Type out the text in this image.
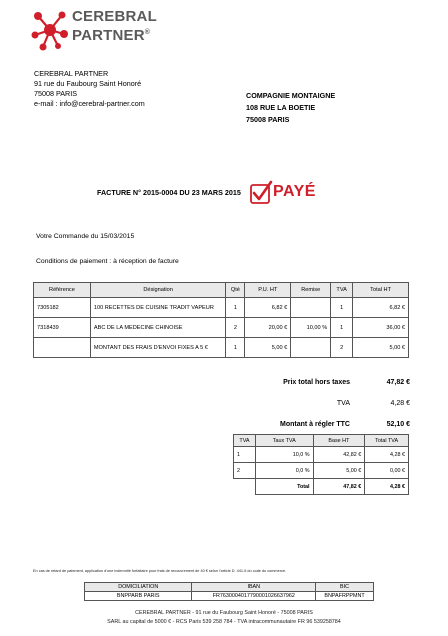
CEREBRAL
PARTNER®
CEREBRAL PARTNER
91 rue du Faubourg Saint Honoré
75008 PARIS
e-mail : info@cerebral-partner.com
COMPAGNIE MONTAIGNE
108 RUE LA BOETIE
75008 PARIS
FACTURE N° 2015-0004 DU 23 MARS 2015 PAYÉ
Votre Commande du 15/03/2015
Conditions de paiement : à réception de facture
Référence	Désignation	Qté	P.U. HT	Remise	TVA	Total HT
7305182	100 RECETTES DE CUISINE TRADIT VAPEUR	1	6,82 €		1	6,82 €
7318439	ABC DE LA MEDECINE CHINOISE	2	20,00 €	10,00 %	1	36,00 €
	MONTANT DES FRAIS D'ENVOI FIXES A 5 €	1	5,00 €		2	5,00 €
Prix total hors taxes	47,82 €
TVA	4,28 €
Montant à régler TTC	52,10 €
TVA	Taux TVA	Base HT	Total TVA
1	10,0 %	42,82 €	4,28 €
2	0,0 %	5,00 €	0,00 €
	Total	47,82 €	4,28 €
En cas de retard de paiement, application d'une indemnité forfaitaire pour frais de recouvrement de 40 € selon l'article D. 441-5 du code du commerce.
DOMICILIATION	IBAN	BIC
BNPPARB PARIS	FR7630004017790001026637962	BNPAFRPPMNT
CEREBRAL PARTNER - 91 rue du Faubourg Saint Honoré - 75008 PARIS
SARL au capital de 5000 € - RCS Paris 539 258 784 - TVA intracommunautaire FR 96 539258784
